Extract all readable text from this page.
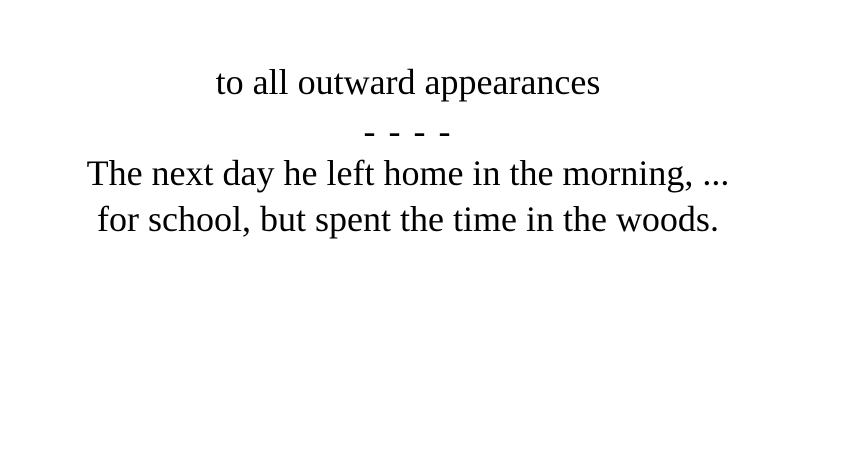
to all outward appearances

- - - -

The next day he left home in the morning, ...

for school, but spent the time in the woods.
